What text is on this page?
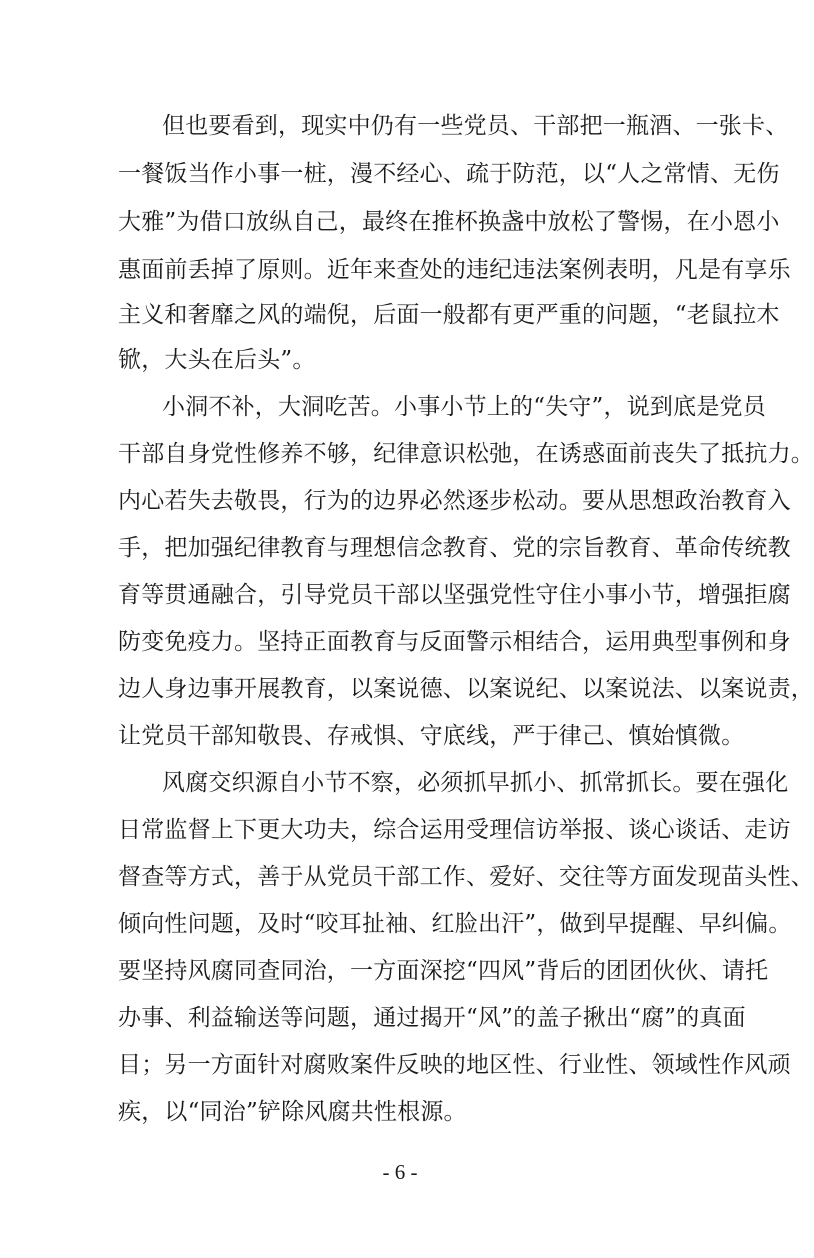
但也要看到，现实中仍有一些党员、干部把一瓶酒、一张卡、
一餐饭当作小事一桩，漫不经心、疏于防范，以“人之常情、无伤
大雅”为借口放纵自己，最终在推杯换盏中放松了警惕，在小恩小
惠面前丢掉了原则。近年来查处的违纪违法案例表明，凡是有享乐
主义和奢靡之风的端倪，后面一般都有更严重的问题，“老鼠拉木
锨，大头在后头”。
小洞不补，大洞吃苦。小事小节上的“失守”，说到底是党员
干部自身党性修养不够，纪律意识松弛，在诱惑面前丧失了抵抗力。
内心若失去敬畏，行为的边界必然逐步松动。要从思想政治教育入
手，把加强纪律教育与理想信念教育、党的宗旨教育、革命传统教
育等贯通融合，引导党员干部以坚强党性守住小事小节，增强拒腐
防变免疫力。坚持正面教育与反面警示相结合，运用典型事例和身
边人身边事开展教育，以案说德、以案说纪、以案说法、以案说责，
让党员干部知敬畏、存戒惧、守底线，严于律己、慎始慎微。
风腐交织源自小节不察，必须抓早抓小、抓常抓长。要在强化
日常监督上下更大功夫，综合运用受理信访举报、谈心谈话、走访
督查等方式，善于从党员干部工作、爱好、交往等方面发现苗头性、
倾向性问题，及时“咬耳扯袖、红脸出汗”，做到早提醒、早纠偏。
要坚持风腐同查同治，一方面深挖“四风”背后的团团伙伙、请托
办事、利益输送等问题，通过揭开“风”的盖子揪出“腐”的真面
目；另一方面针对腐败案件反映的地区性、行业性、领域性作风顽
疾，以“同治”铲除风腐共性根源。
- 6 -
